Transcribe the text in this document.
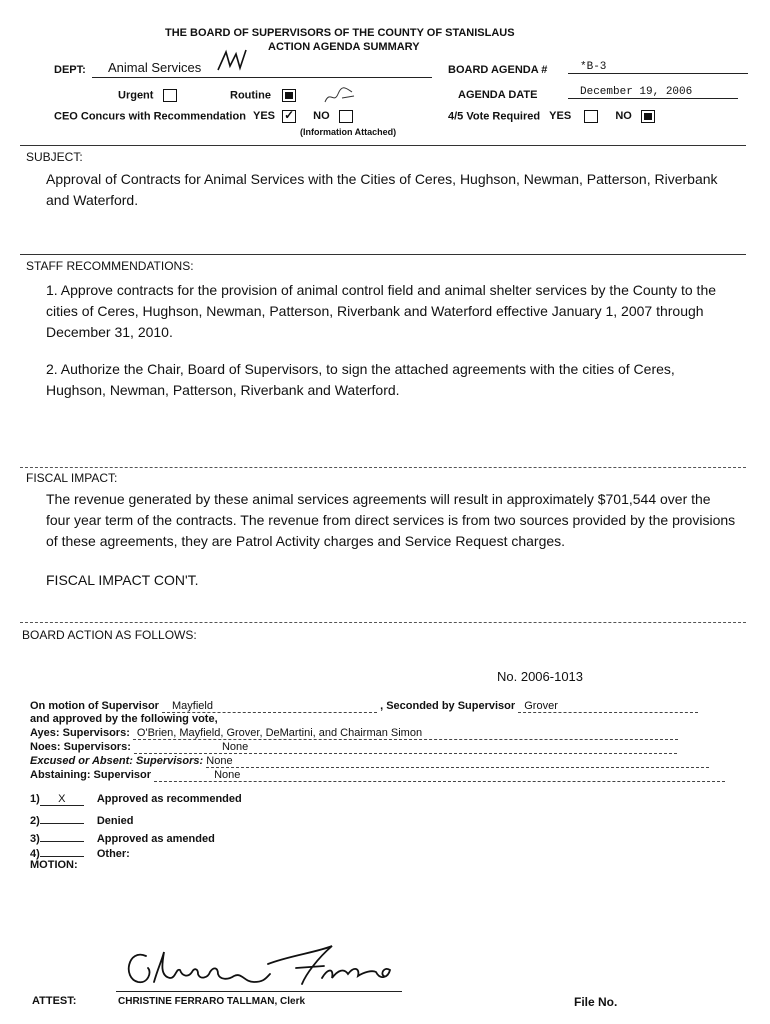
THE BOARD OF SUPERVISORS OF THE COUNTY OF STANISLAUS
ACTION AGENDA SUMMARY
DEPT:	Animal Services	BOARD AGENDA #	*B-3
Urgent	Routine	AGENDA DATE	December 19, 2006
CEO Concurs with Recommendation YES ✓	NO
(Information Attached)
4/5 Vote Required YES	NO
SUBJECT:
Approval of Contracts for Animal Services with the Cities of Ceres, Hughson, Newman, Patterson, Riverbank and Waterford.
STAFF RECOMMENDATIONS:
1. Approve contracts for the provision of animal control field and animal shelter services by the County to the cities of Ceres, Hughson, Newman, Patterson, Riverbank and Waterford effective January 1, 2007 through December 31, 2010.
2. Authorize the Chair, Board of Supervisors, to sign the attached agreements with the cities of Ceres, Hughson, Newman, Patterson, Riverbank and Waterford.
FISCAL IMPACT:
The revenue generated by these animal services agreements will result in approximately $701,544 over the four year term of the contracts. The revenue from direct services is from two sources provided by the provisions of these agreements, they are Patrol Activity charges and Service Request charges.
FISCAL IMPACT CON'T.
BOARD ACTION AS FOLLOWS:
No. 2006-1013
On motion of Supervisor Mayfield	, Seconded by Supervisor Grover
and approved by the following vote,
Ayes: Supervisors: O'Brien, Mayfield, Grover, DeMartini, and Chairman Simon
Noes: Supervisors:	None
Excused or Absent: Supervisors: None
Abstaining: Supervisor	None
1) X	Approved as recommended
2)	Denied
3)	Approved as amended
4)	Other:
MOTION:
ATTEST:	CHRISTINE FERRARO TALLMAN, Clerk	File No.
